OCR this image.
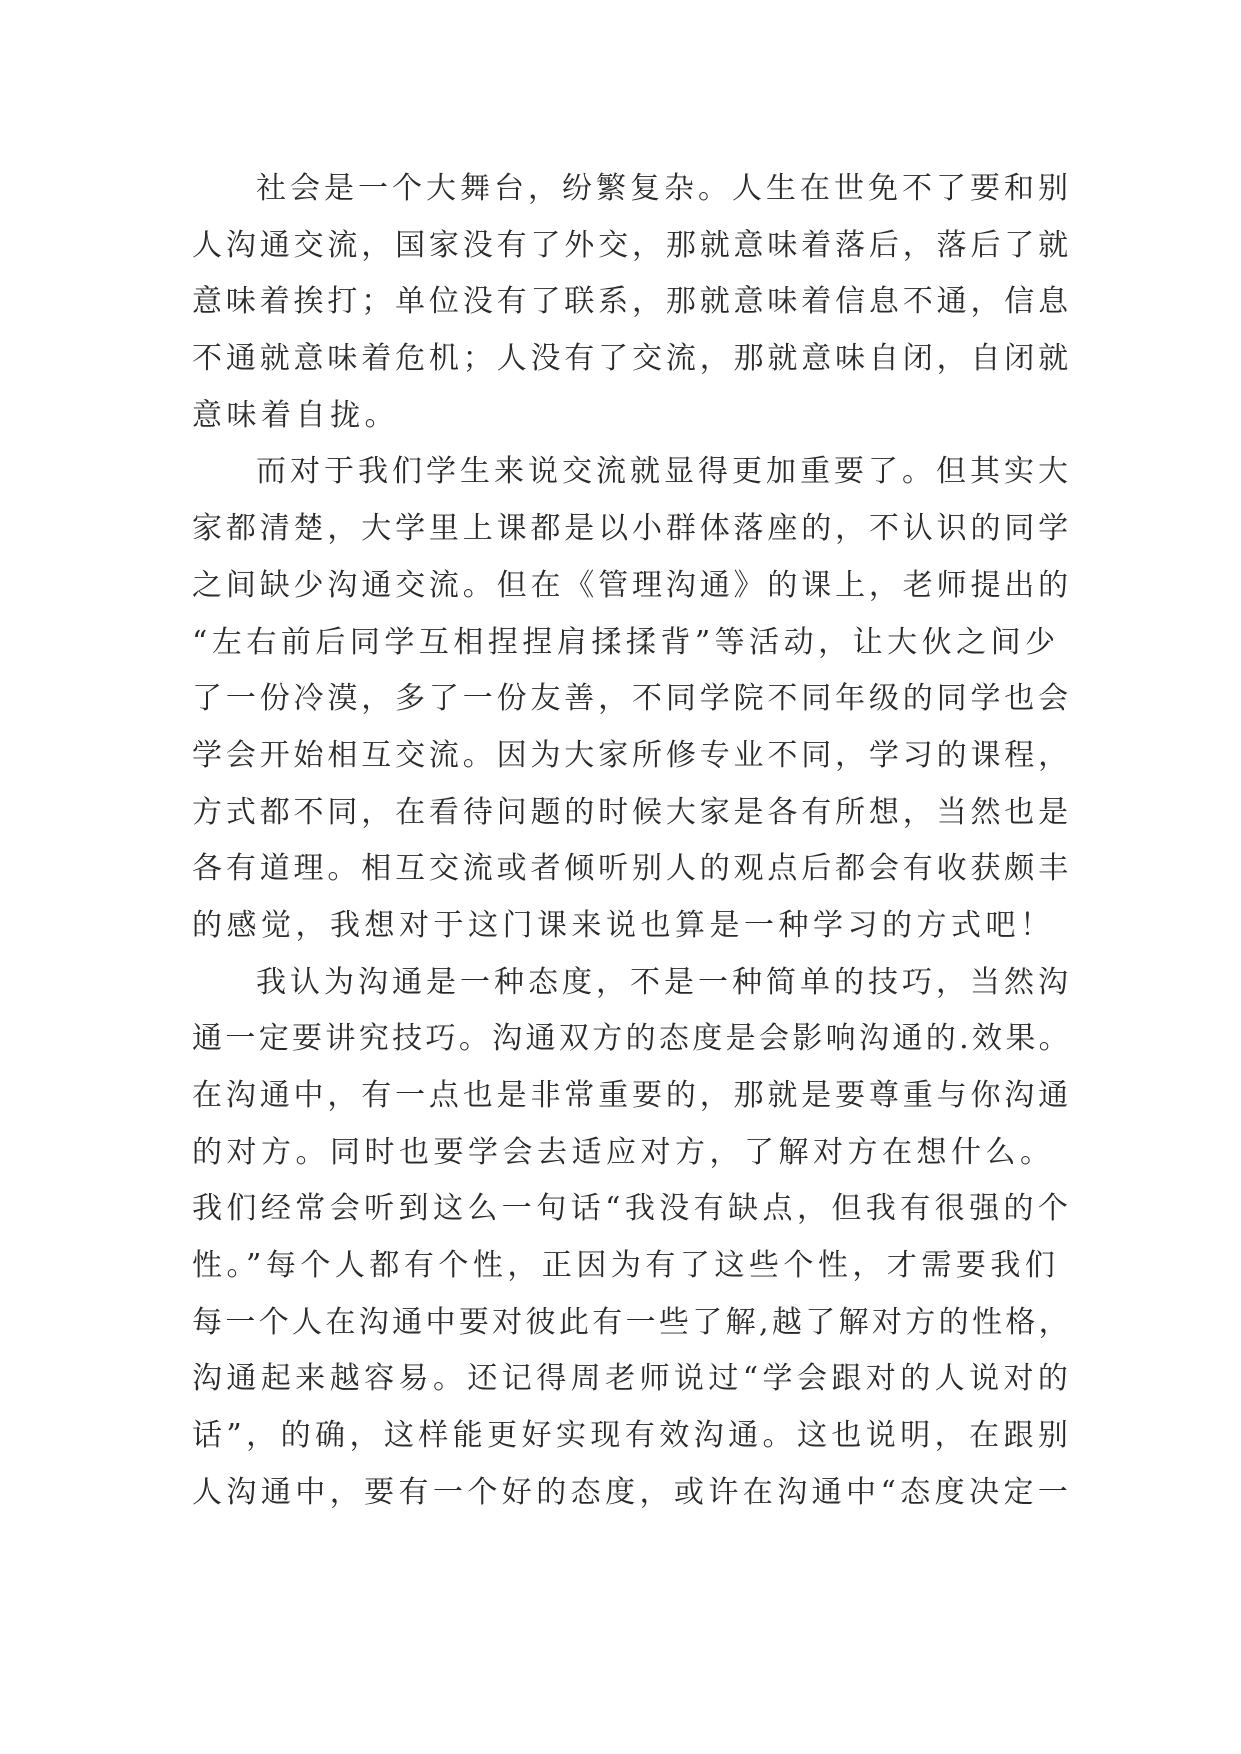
社会是一个大舞台，纷繁复杂。人生在世免不了要和别
人沟通交流，国家没有了外交，那就意味着落后，落后了就
意味着挨打；单位没有了联系，那就意味着信息不通，信息
不通就意味着危机；人没有了交流，那就意味自闭，自闭就
意味着自拢。
而对于我们学生来说交流就显得更加重要了。但其实大
家都清楚，大学里上课都是以小群体落座的，不认识的同学
之间缺少沟通交流。但在《管理沟通》的课上，老师提出的
“左右前后同学互相捏捏肩揉揉背”等活动，让大伙之间少
了一份冷漠，多了一份友善，不同学院不同年级的同学也会
学会开始相互交流。因为大家所修专业不同，学习的课程，
方式都不同，在看待问题的时候大家是各有所想，当然也是
各有道理。相互交流或者倾听别人的观点后都会有收获颇丰
的感觉，我想对于这门课来说也算是一种学习的方式吧！
我认为沟通是一种态度，不是一种简单的技巧，当然沟
通一定要讲究技巧。沟通双方的态度是会影响沟通的.效果。
在沟通中，有一点也是非常重要的，那就是要尊重与你沟通
的对方。同时也要学会去适应对方，了解对方在想什么。
我们经常会听到这么一句话“我没有缺点，但我有很强的个
性。”每个人都有个性，正因为有了这些个性，才需要我们
每一个人在沟通中要对彼此有一些了解,越了解对方的性格，
沟通起来越容易。还记得周老师说过“学会跟对的人说对的
话”，的确，这样能更好实现有效沟通。这也说明，在跟别
人沟通中，要有一个好的态度，或许在沟通中“态度决定一
